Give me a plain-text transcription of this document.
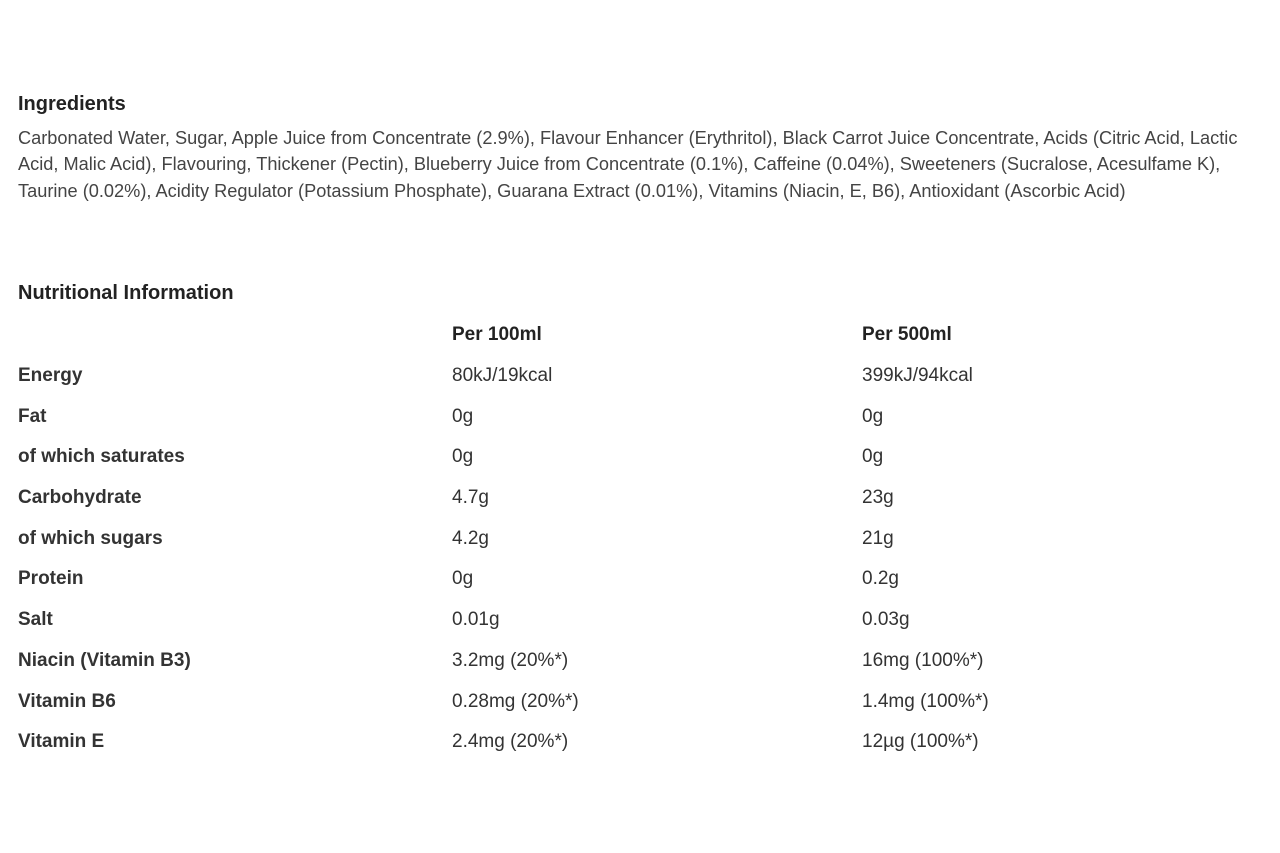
Ingredients

Carbonated Water, Sugar, Apple Juice from Concentrate (2.9%), Flavour Enhancer (Erythritol), Black Carrot Juice Concentrate, Acids (Citric Acid, Lactic Acid, Malic Acid), Flavouring, Thickener (Pectin), Blueberry Juice from Concentrate (0.1%), Caffeine (0.04%), Sweeteners (Sucralose, Acesulfame K), Taurine (0.02%), Acidity Regulator (Potassium Phosphate), Guarana Extract (0.01%), Vitamins (Niacin, E, B6), Antioxidant (Ascorbic Acid)

Nutritional Information
	Per 100ml	Per 500ml
Energy	80kJ/19kcal	399kJ/94kcal
Fat	0g	0g
of which saturates	0g	0g
Carbohydrate	4.7g	23g
of which sugars	4.2g	21g
Protein	0g	0.2g
Salt	0.01g	0.03g
Niacin (Vitamin B3)	3.2mg (20%*)	16mg (100%*)
Vitamin B6	0.28mg (20%*)	1.4mg (100%*)
Vitamin E	2.4mg (20%*)	12µg (100%*)
